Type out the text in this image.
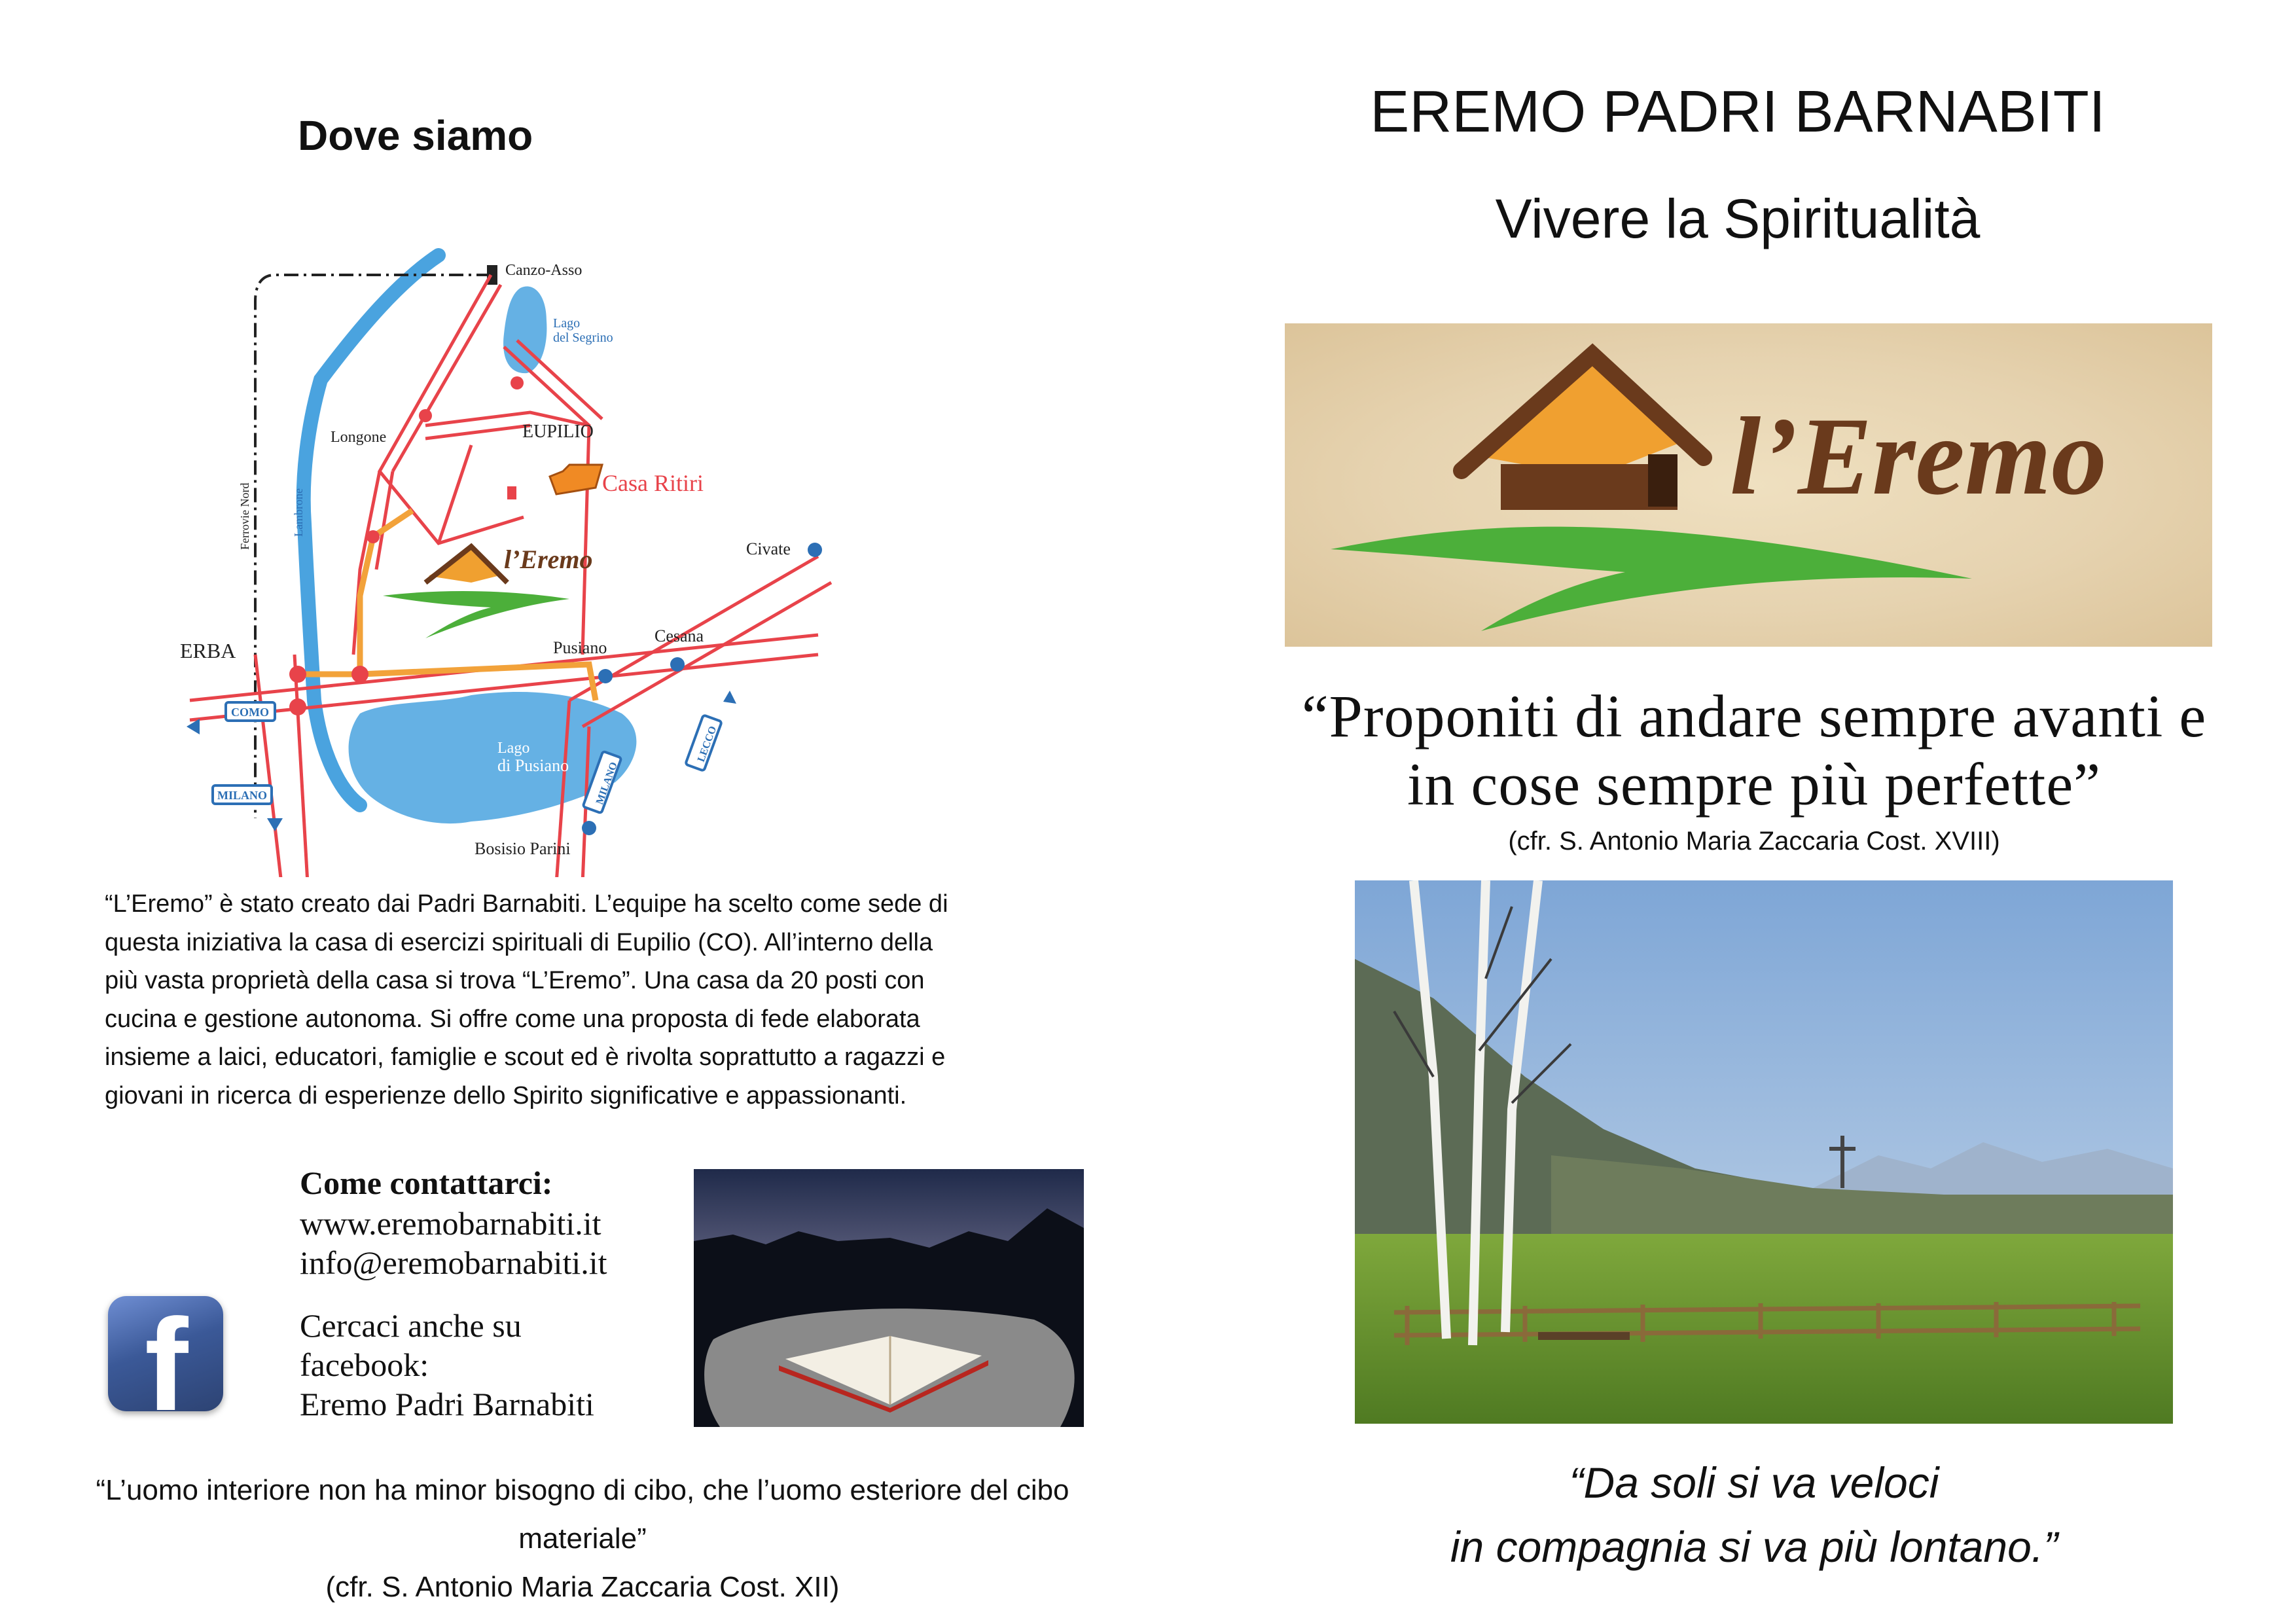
Dove siamo
Canzo-Asso
Lago
del Segrino
Longone	EUPILIO
Casa Ritiri
Civate
Ferrovie Nord	Lambrone
ERBA	Pusiano
Cesana
Lago
di Pusiano
Bosisio Parini
COMO
MILANO	MILANO
LECCO
l’Eremo
“L’Eremo” è stato creato dai Padri Barnabiti. L’equipe ha scelto come sede di
questa iniziativa la casa di esercizi spirituali di Eupilio (CO). All’interno della
più vasta proprietà della casa si trova “L’Eremo”. Una casa da 20 posti con
cucina e gestione autonoma. Si offre come una proposta di fede elaborata
insieme a laici, educatori, famiglie e scout ed è rivolta soprattutto a ragazzi e
giovani in ricerca di esperienze dello Spirito significative e appassionanti.
Come contattarci:
www.eremobarnabiti.it
info@eremobarnabiti.it
Cercaci anche su
facebook:
Eremo Padri Barnabiti
f
“L’uomo interiore non ha minor bisogno di cibo, che l’uomo esteriore del cibo
materiale”
(cfr. S. Antonio Maria Zaccaria Cost. XII)
EREMO PADRI BARNABITI
Vivere la Spiritualità
l’Eremo
“Proponiti di andare sempre avanti e
in cose sempre più perfette”
(cfr. S. Antonio Maria Zaccaria Cost. XVIII)
“Da soli si va veloci
in compagnia si va più lontano.”
